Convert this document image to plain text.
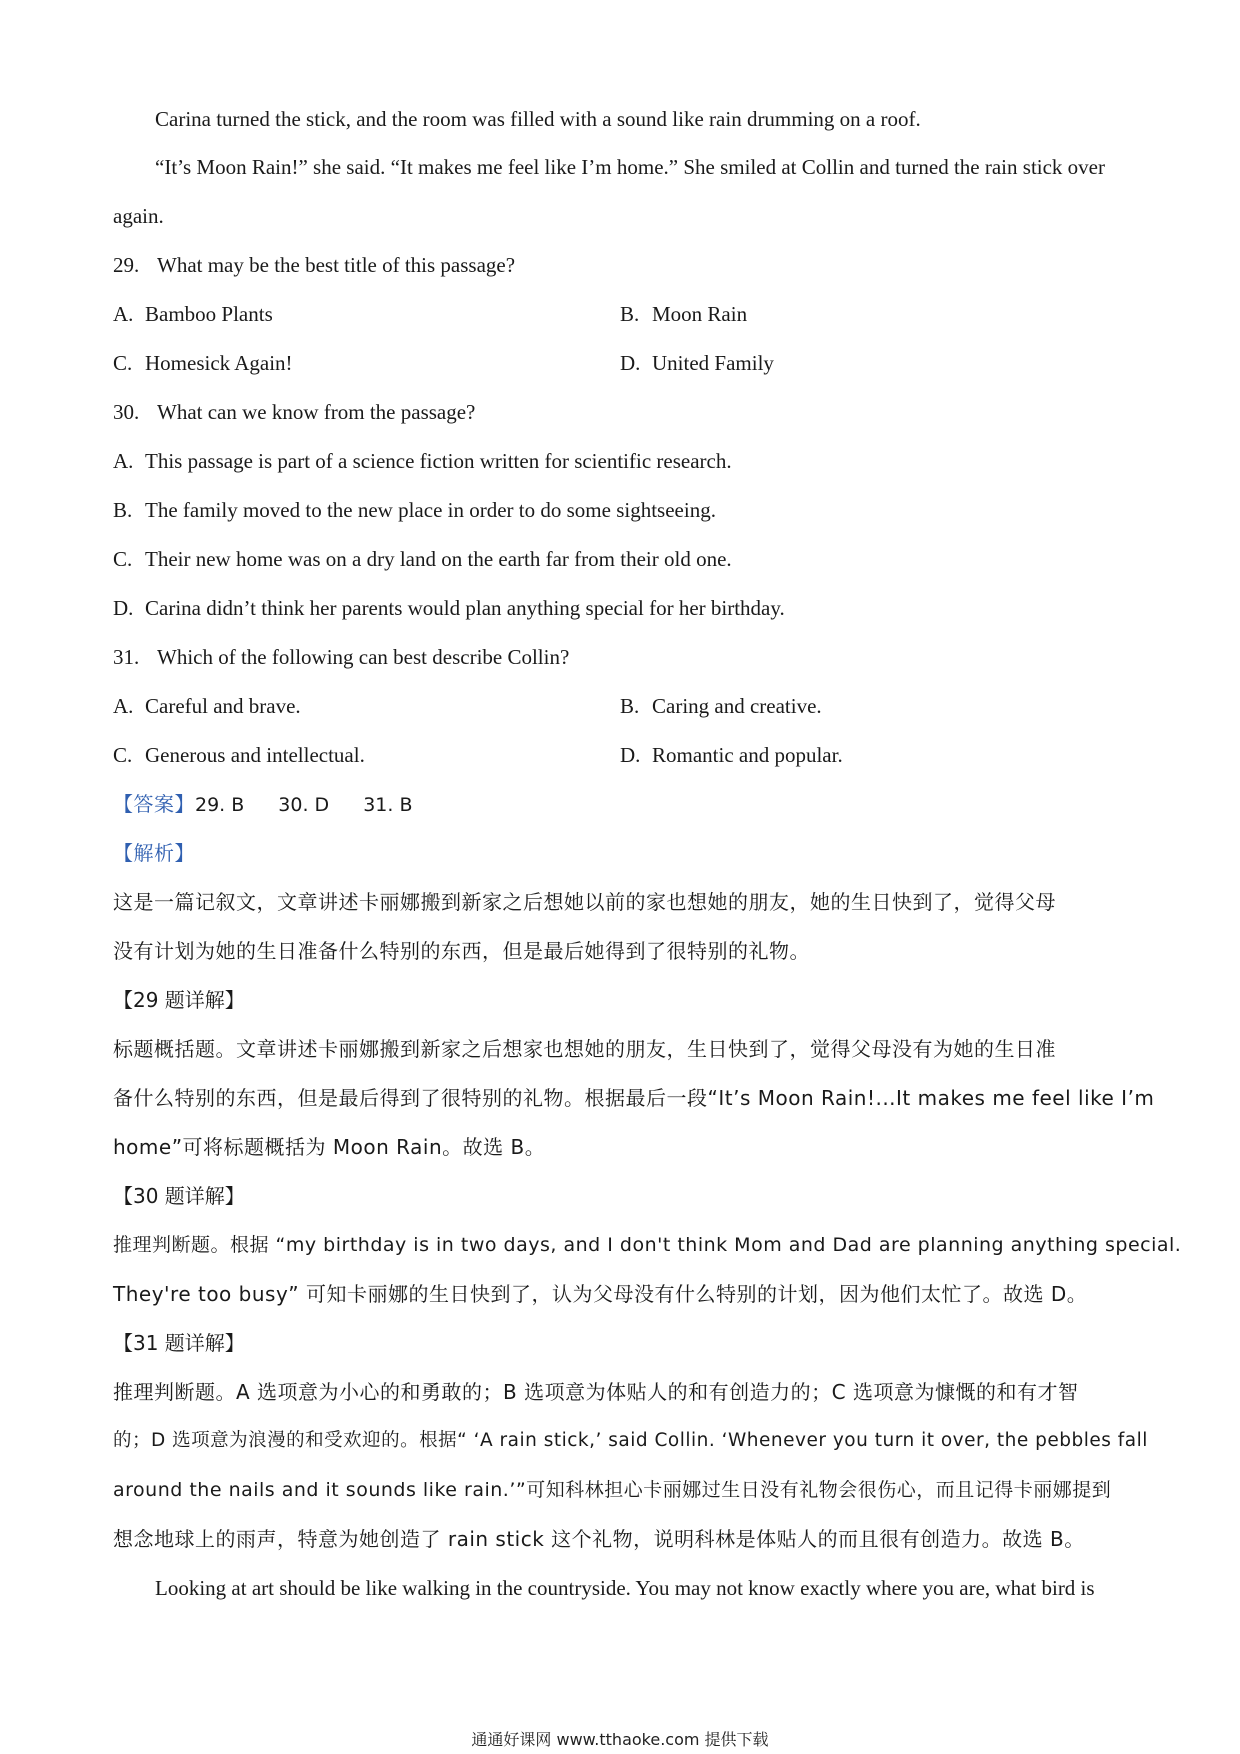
Carina turned the stick, and the room was filled with a sound like rain drumming on a roof.
“It’s Moon Rain!” she said. “It makes me feel like I’m home.” She smiled at Collin and turned the rain stick over
again.
29. What may be the best title of this passage?
A. Bamboo Plants	B. Moon Rain
C. Homesick Again!	D. United Family
30. What can we know from the passage?
A. This passage is part of a science fiction written for scientific research.
B. The family moved to the new place in order to do some sightseeing.
C. Their new home was on a dry land on the earth far from their old one.
D. Carina didn’t think her parents would plan anything special for her birthday.
31. Which of the following can best describe Collin?
A. Careful and brave.	B. Caring and creative.
C. Generous and intellectual.	D. Romantic and popular.
【答案】29. B 30. D 31. B
【解析】
这是一篇记叙文，文章讲述卡丽娜搬到新家之后想她以前的家也想她的朋友，她的生日快到了，觉得父母
没有计划为她的生日准备什么特别的东西，但是最后她得到了很特别的礼物。
【29 题详解】
标题概括题。文章讲述卡丽娜搬到新家之后想家也想她的朋友，生日快到了，觉得父母没有为她的生日准
备什么特别的东西，但是最后得到了很特别的礼物。根据最后一段“It’s Moon Rain!...It makes me feel like I’m
home”可将标题概括为 Moon Rain。故选 B。
【30 题详解】
推理判断题。根据 “my birthday is in two days, and I don't think Mom and Dad are planning anything special.
They're too busy” 可知卡丽娜的生日快到了，认为父母没有什么特别的计划，因为他们太忙了。故选 D。
【31 题详解】
推理判断题。A 选项意为小心的和勇敢的；B 选项意为体贴人的和有创造力的；C 选项意为慷慨的和有才智
的；D 选项意为浪漫的和受欢迎的。根据“ ‘A rain stick,’ said Collin. ‘Whenever you turn it over, the pebbles fall
around the nails and it sounds like rain.’”可知科林担心卡丽娜过生日没有礼物会很伤心，而且记得卡丽娜提到
想念地球上的雨声，特意为她创造了 rain stick 这个礼物，说明科林是体贴人的而且很有创造力。故选 B。
Looking at art should be like walking in the countryside. You may not know exactly where you are, what bird is
通通好课网 www.tthaoke.com 提供下载
